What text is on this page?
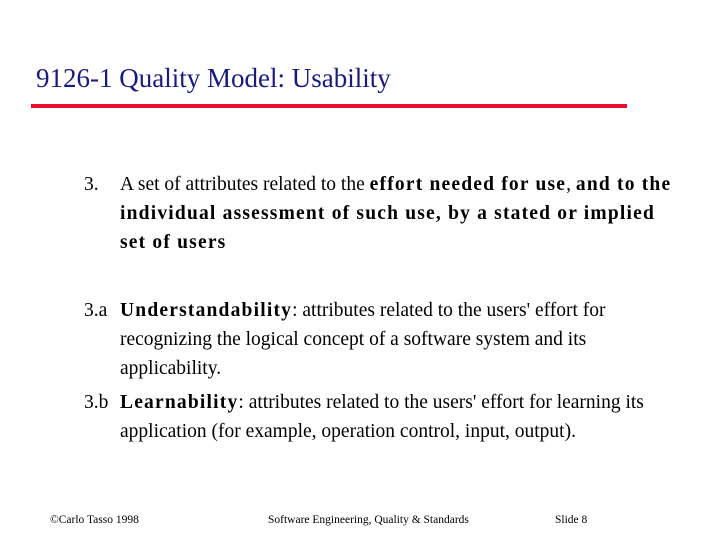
9126-1 Quality Model: Usability
3. A set of attributes related to the effort needed for use, and to the individual assessment of such use, by a stated or implied set of users
3.a Understandability: attributes related to the users' effort for recognizing the logical concept of a software system and its applicability.
3.b Learnability: attributes related to the users' effort for learning its application (for example, operation control, input, output).
©Carlo Tasso 1998	Software Engineering, Quality & Standards	Slide 8
